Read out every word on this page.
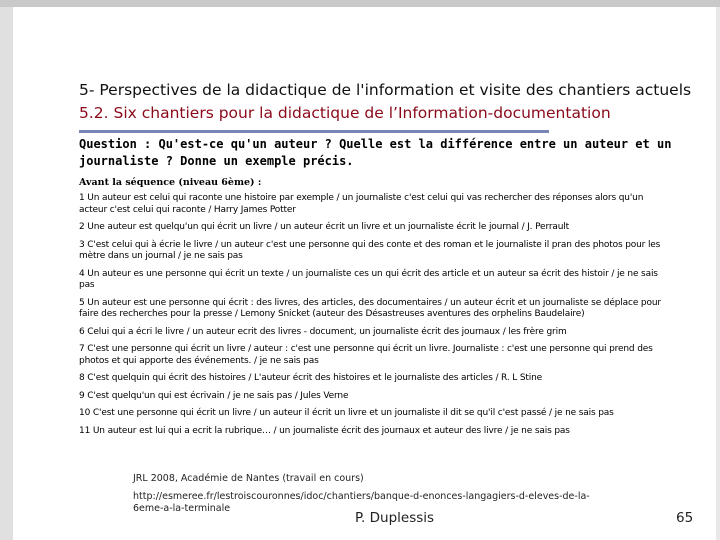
5- Perspectives de la didactique de l'information et visite des chantiers actuels
5.2. Six chantiers pour la didactique de l’Information-documentation
Question : Qu'est-ce qu'un auteur ? Quelle est la différence entre un auteur et un journaliste ? Donne un exemple précis.
Avant la séquence (niveau 6ème) :

1 Un auteur est celui qui raconte une histoire par exemple / un journaliste c'est celui qui vas rechercher des réponses alors qu'un acteur c'est celui qui raconte / Harry James Potter

2 Une auteur est quelqu'un qui écrit un livre / un auteur écrit un livre et un journaliste écrit le journal / J. Perrault

3 C'est celui qui à écrie le livre / un auteur c'est une personne qui des conte et des roman et le journaliste il pran des photos pour les mètre dans un journal / je ne sais pas

4 Un auteur es une personne qui écrit un texte / un journaliste ces un qui écrit des article et un auteur sa écrit des histoir / je ne sais pas

5 Un auteur est une personne qui écrit : des livres, des articles, des documentaires / un auteur écrit et un journaliste se déplace pour faire des recherches pour la presse / Lemony Snicket (auteur des Désastreuses aventures des orphelins Baudelaire)

6 Celui qui a écri le livre / un auteur ecrit des livres - document, un journaliste écrit des journaux / les frère grim

7 C'est une personne qui écrit un livre / auteur : c'est une personne qui écrit un livre. Journaliste : c'est une personne qui prend des photos et qui apporte des événements. / je ne sais pas

8 C'est quelquin qui écrit des histoires / L'auteur écrit des histoires et le journaliste des articles / R. L Stine

9 C'est quelqu'un qui est écrivain / je ne sais pas / Jules Verne

10 C'est une personne qui écrit un livre / un auteur il écrit un livre et un journaliste il dit se qu'il c'est passé / je ne sais pas

11 Un auteur est lui qui a ecrit la rubrique… / un journaliste écrit des journaux et auteur des livre / je ne sais pas

JRL 2008, Académie de Nantes (travail en cours)
http://esmeree.fr/lestroiscouronnes/idoc/chantiers/banque-d-enonces-langagiers-d-eleves-de-la-6eme-a-la-terminale
P. Duplessis	65
